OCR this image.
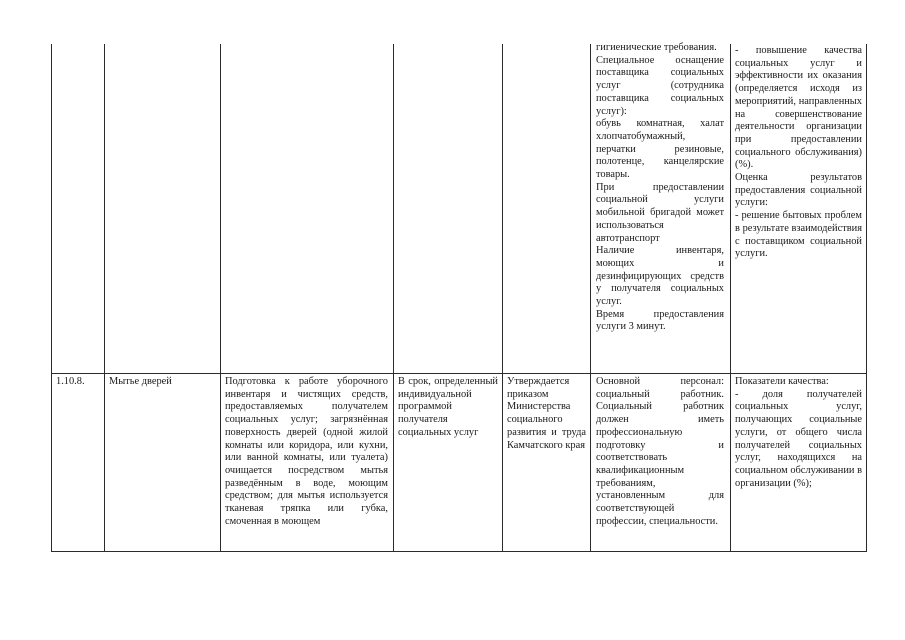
гигиенические требования.

Специальное оснащение поставщика социальных услуг (сотрудника поставщика социальных услуг):

обувь комнатная, халат хлопчатобумажный, перчатки резиновые, полотенце, канцелярские товары.

При предоставлении социальной услуги мобильной бригадой может использоваться автотранспорт

Наличие инвентаря, моющих и дезинфицирующих средств у получателя социальных услуг.

Время предоставления услуги 3 минут.

- повышение качества социальных услуг и эффективности их оказания (определяется исходя из мероприятий, направленных на совершенствование деятельности организации при предоставлении социального обслуживания) (%).

Оценка результатов предоставления социальной услуги:

- решение бытовых проблем в результате взаимодействия с поставщиком социальной услуги.

1.10.8.	Мытье дверей	Подготовка к работе уборочного инвентаря и чистящих средств, предоставляемых получателем социальных услуг; загрязнённая поверхность дверей (одной жилой комнаты или коридора, или кухни, или ванной комнаты, или туалета) очищается посредством мытья разведённым в воде, моющим средством; для мытья используется тканевая тряпка или губка, смоченная в моющем
В срок, определенный индивидуальной программой получателя социальных услуг
Утверждается приказом Министерства социального развития и труда Камчатского края
Основной персонал: социальный работник. Социальный работник должен иметь профессиональную подготовку и соответствовать квалификационным требованиям, установленным для соответствующей профессии, специальности.

Показатели качества:

- доля получателей социальных услуг, получающих социальные услуги, от общего числа получателей социальных услуг, находящихся на социальном обслуживании в организации (%);
